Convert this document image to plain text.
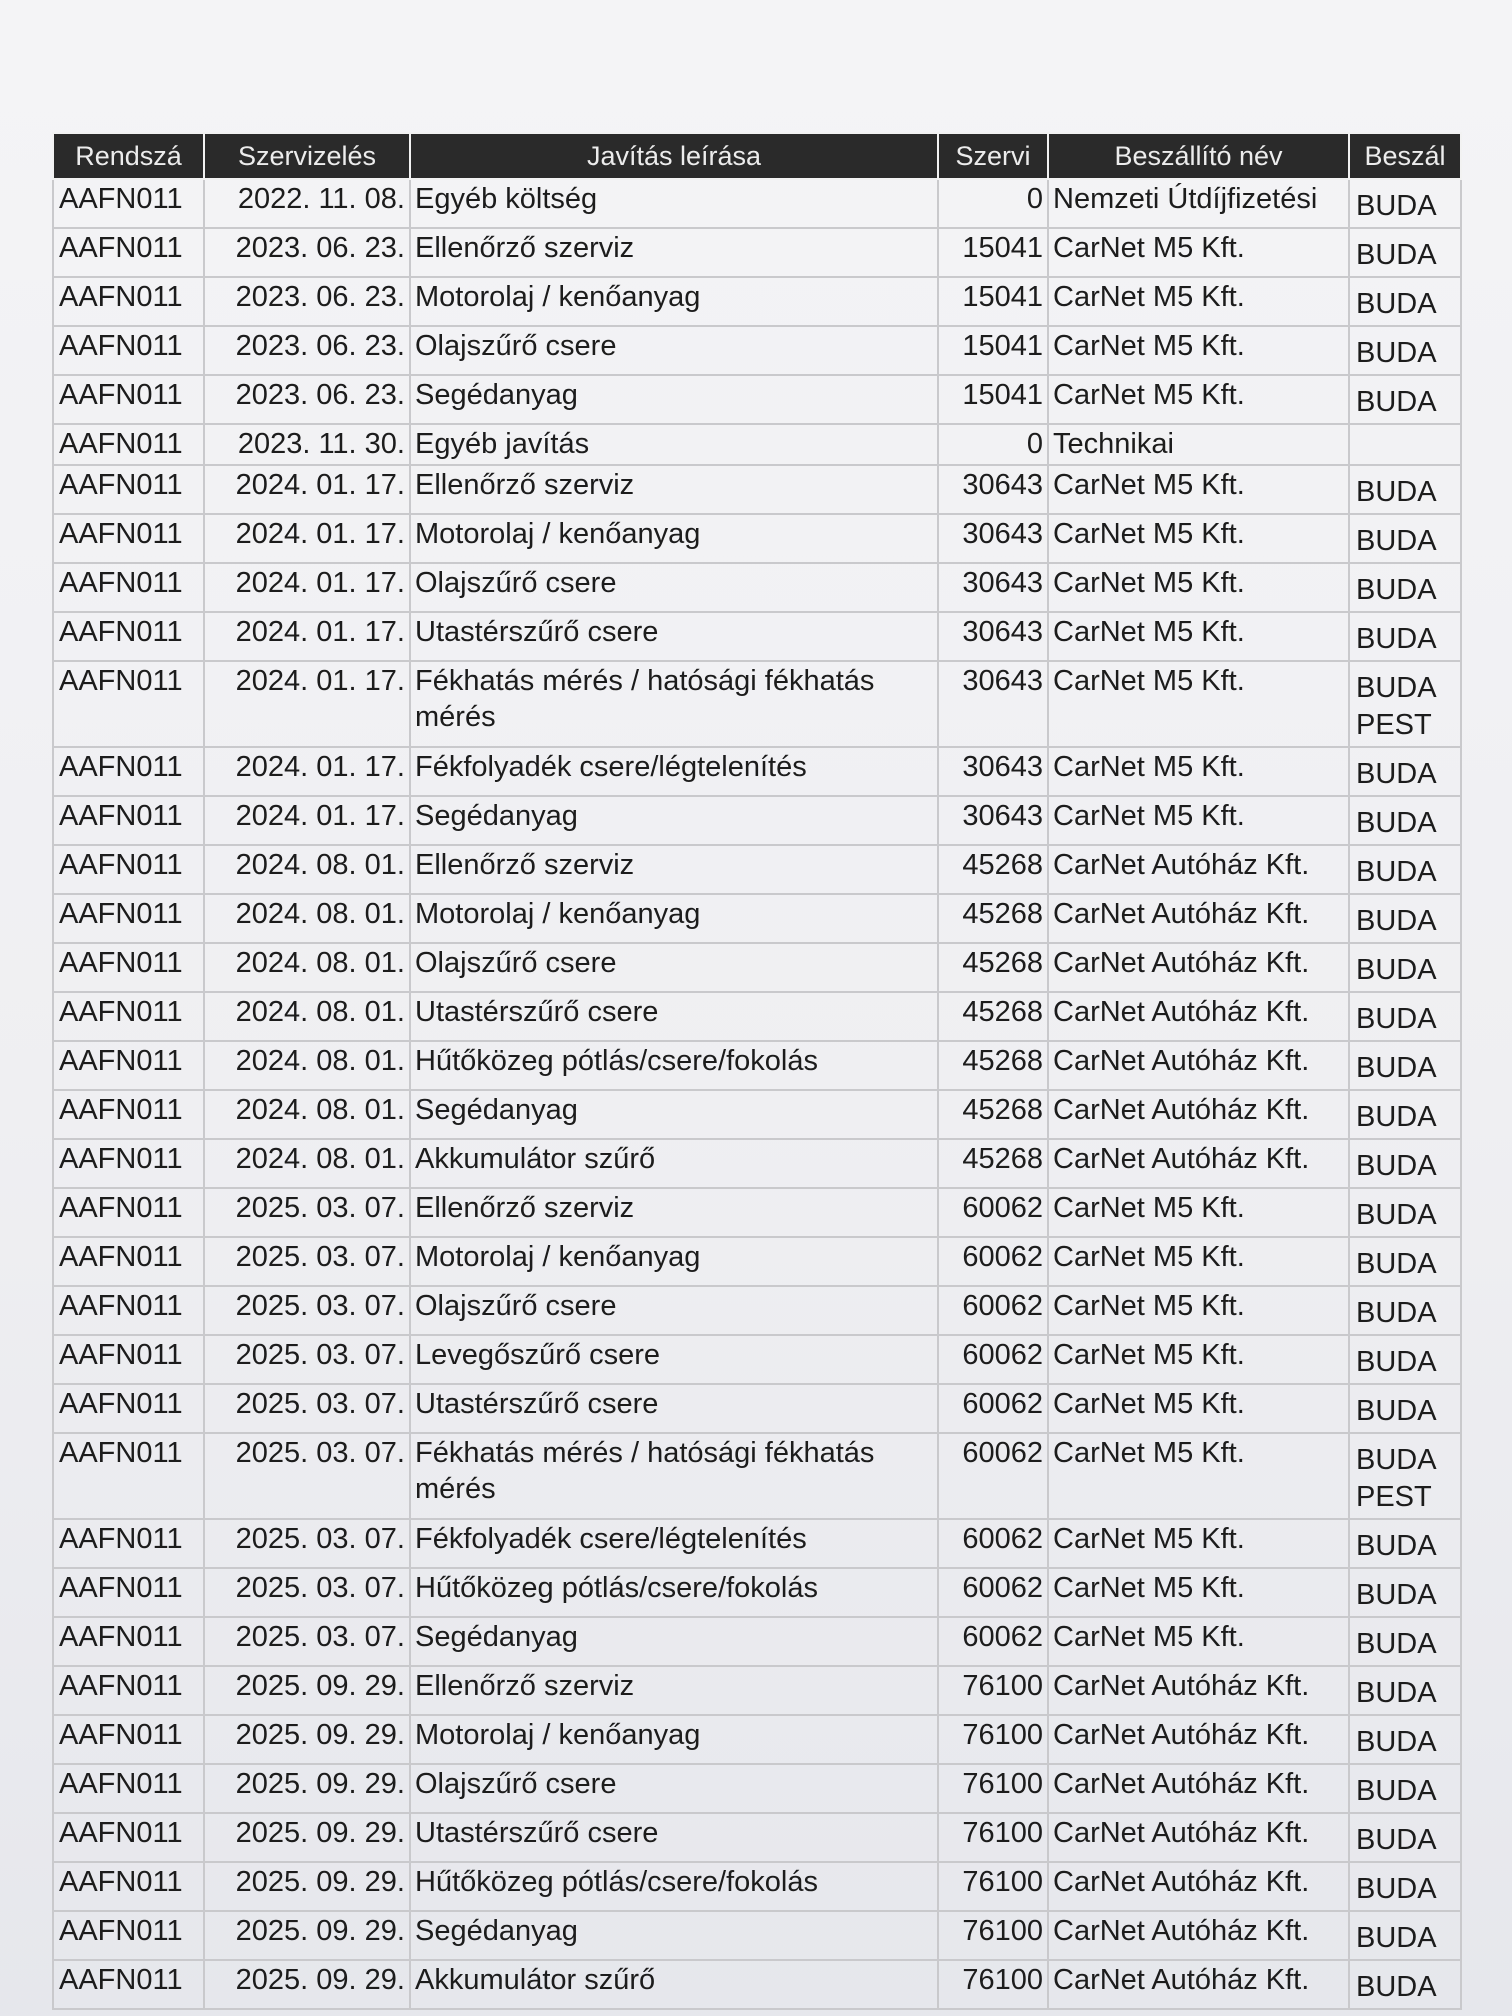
Rendszá	Szervizelés	Javítás leírása	Szervi	Beszállító név	Beszál
AAFN011	2022. 11. 08.	Egyéb költség	0	Nemzeti Útdíjfizetési	BUDA
AAFN011	2023. 06. 23.	Ellenőrző szerviz	15041	CarNet M5 Kft.	BUDA
AAFN011	2023. 06. 23.	Motorolaj / kenőanyag	15041	CarNet M5 Kft.	BUDA
AAFN011	2023. 06. 23.	Olajszűrő csere	15041	CarNet M5 Kft.	BUDA
AAFN011	2023. 06. 23.	Segédanyag	15041	CarNet M5 Kft.	BUDA
AAFN011	2023. 11. 30.	Egyéb javítás	0	Technikai	
AAFN011	2024. 01. 17.	Ellenőrző szerviz	30643	CarNet M5 Kft.	BUDA
AAFN011	2024. 01. 17.	Motorolaj / kenőanyag	30643	CarNet M5 Kft.	BUDA
AAFN011	2024. 01. 17.	Olajszűrő csere	30643	CarNet M5 Kft.	BUDA
AAFN011	2024. 01. 17.	Utastérszűrő csere	30643	CarNet M5 Kft.	BUDA
AAFN011	2024. 01. 17.	Fékhatás mérés / hatósági fékhatás mérés	30643	CarNet M5 Kft.	BUDA PEST
AAFN011	2024. 01. 17.	Fékfolyadék csere/légtelenítés	30643	CarNet M5 Kft.	BUDA
AAFN011	2024. 01. 17.	Segédanyag	30643	CarNet M5 Kft.	BUDA
AAFN011	2024. 08. 01.	Ellenőrző szerviz	45268	CarNet Autóház Kft.	BUDA
AAFN011	2024. 08. 01.	Motorolaj / kenőanyag	45268	CarNet Autóház Kft.	BUDA
AAFN011	2024. 08. 01.	Olajszűrő csere	45268	CarNet Autóház Kft.	BUDA
AAFN011	2024. 08. 01.	Utastérszűrő csere	45268	CarNet Autóház Kft.	BUDA
AAFN011	2024. 08. 01.	Hűtőközeg pótlás/csere/fokolás	45268	CarNet Autóház Kft.	BUDA
AAFN011	2024. 08. 01.	Segédanyag	45268	CarNet Autóház Kft.	BUDA
AAFN011	2024. 08. 01.	Akkumulátor szűrő	45268	CarNet Autóház Kft.	BUDA
AAFN011	2025. 03. 07.	Ellenőrző szerviz	60062	CarNet M5 Kft.	BUDA
AAFN011	2025. 03. 07.	Motorolaj / kenőanyag	60062	CarNet M5 Kft.	BUDA
AAFN011	2025. 03. 07.	Olajszűrő csere	60062	CarNet M5 Kft.	BUDA
AAFN011	2025. 03. 07.	Levegőszűrő csere	60062	CarNet M5 Kft.	BUDA
AAFN011	2025. 03. 07.	Utastérszűrő csere	60062	CarNet M5 Kft.	BUDA
AAFN011	2025. 03. 07.	Fékhatás mérés / hatósági fékhatás mérés	60062	CarNet M5 Kft.	BUDA PEST
AAFN011	2025. 03. 07.	Fékfolyadék csere/légtelenítés	60062	CarNet M5 Kft.	BUDA
AAFN011	2025. 03. 07.	Hűtőközeg pótlás/csere/fokolás	60062	CarNet M5 Kft.	BUDA
AAFN011	2025. 03. 07.	Segédanyag	60062	CarNet M5 Kft.	BUDA
AAFN011	2025. 09. 29.	Ellenőrző szerviz	76100	CarNet Autóház Kft.	BUDA
AAFN011	2025. 09. 29.	Motorolaj / kenőanyag	76100	CarNet Autóház Kft.	BUDA
AAFN011	2025. 09. 29.	Olajszűrő csere	76100	CarNet Autóház Kft.	BUDA
AAFN011	2025. 09. 29.	Utastérszűrő csere	76100	CarNet Autóház Kft.	BUDA
AAFN011	2025. 09. 29.	Hűtőközeg pótlás/csere/fokolás	76100	CarNet Autóház Kft.	BUDA
AAFN011	2025. 09. 29.	Segédanyag	76100	CarNet Autóház Kft.	BUDA
AAFN011	2025. 09. 29.	Akkumulátor szűrő	76100	CarNet Autóház Kft.	BUDA
